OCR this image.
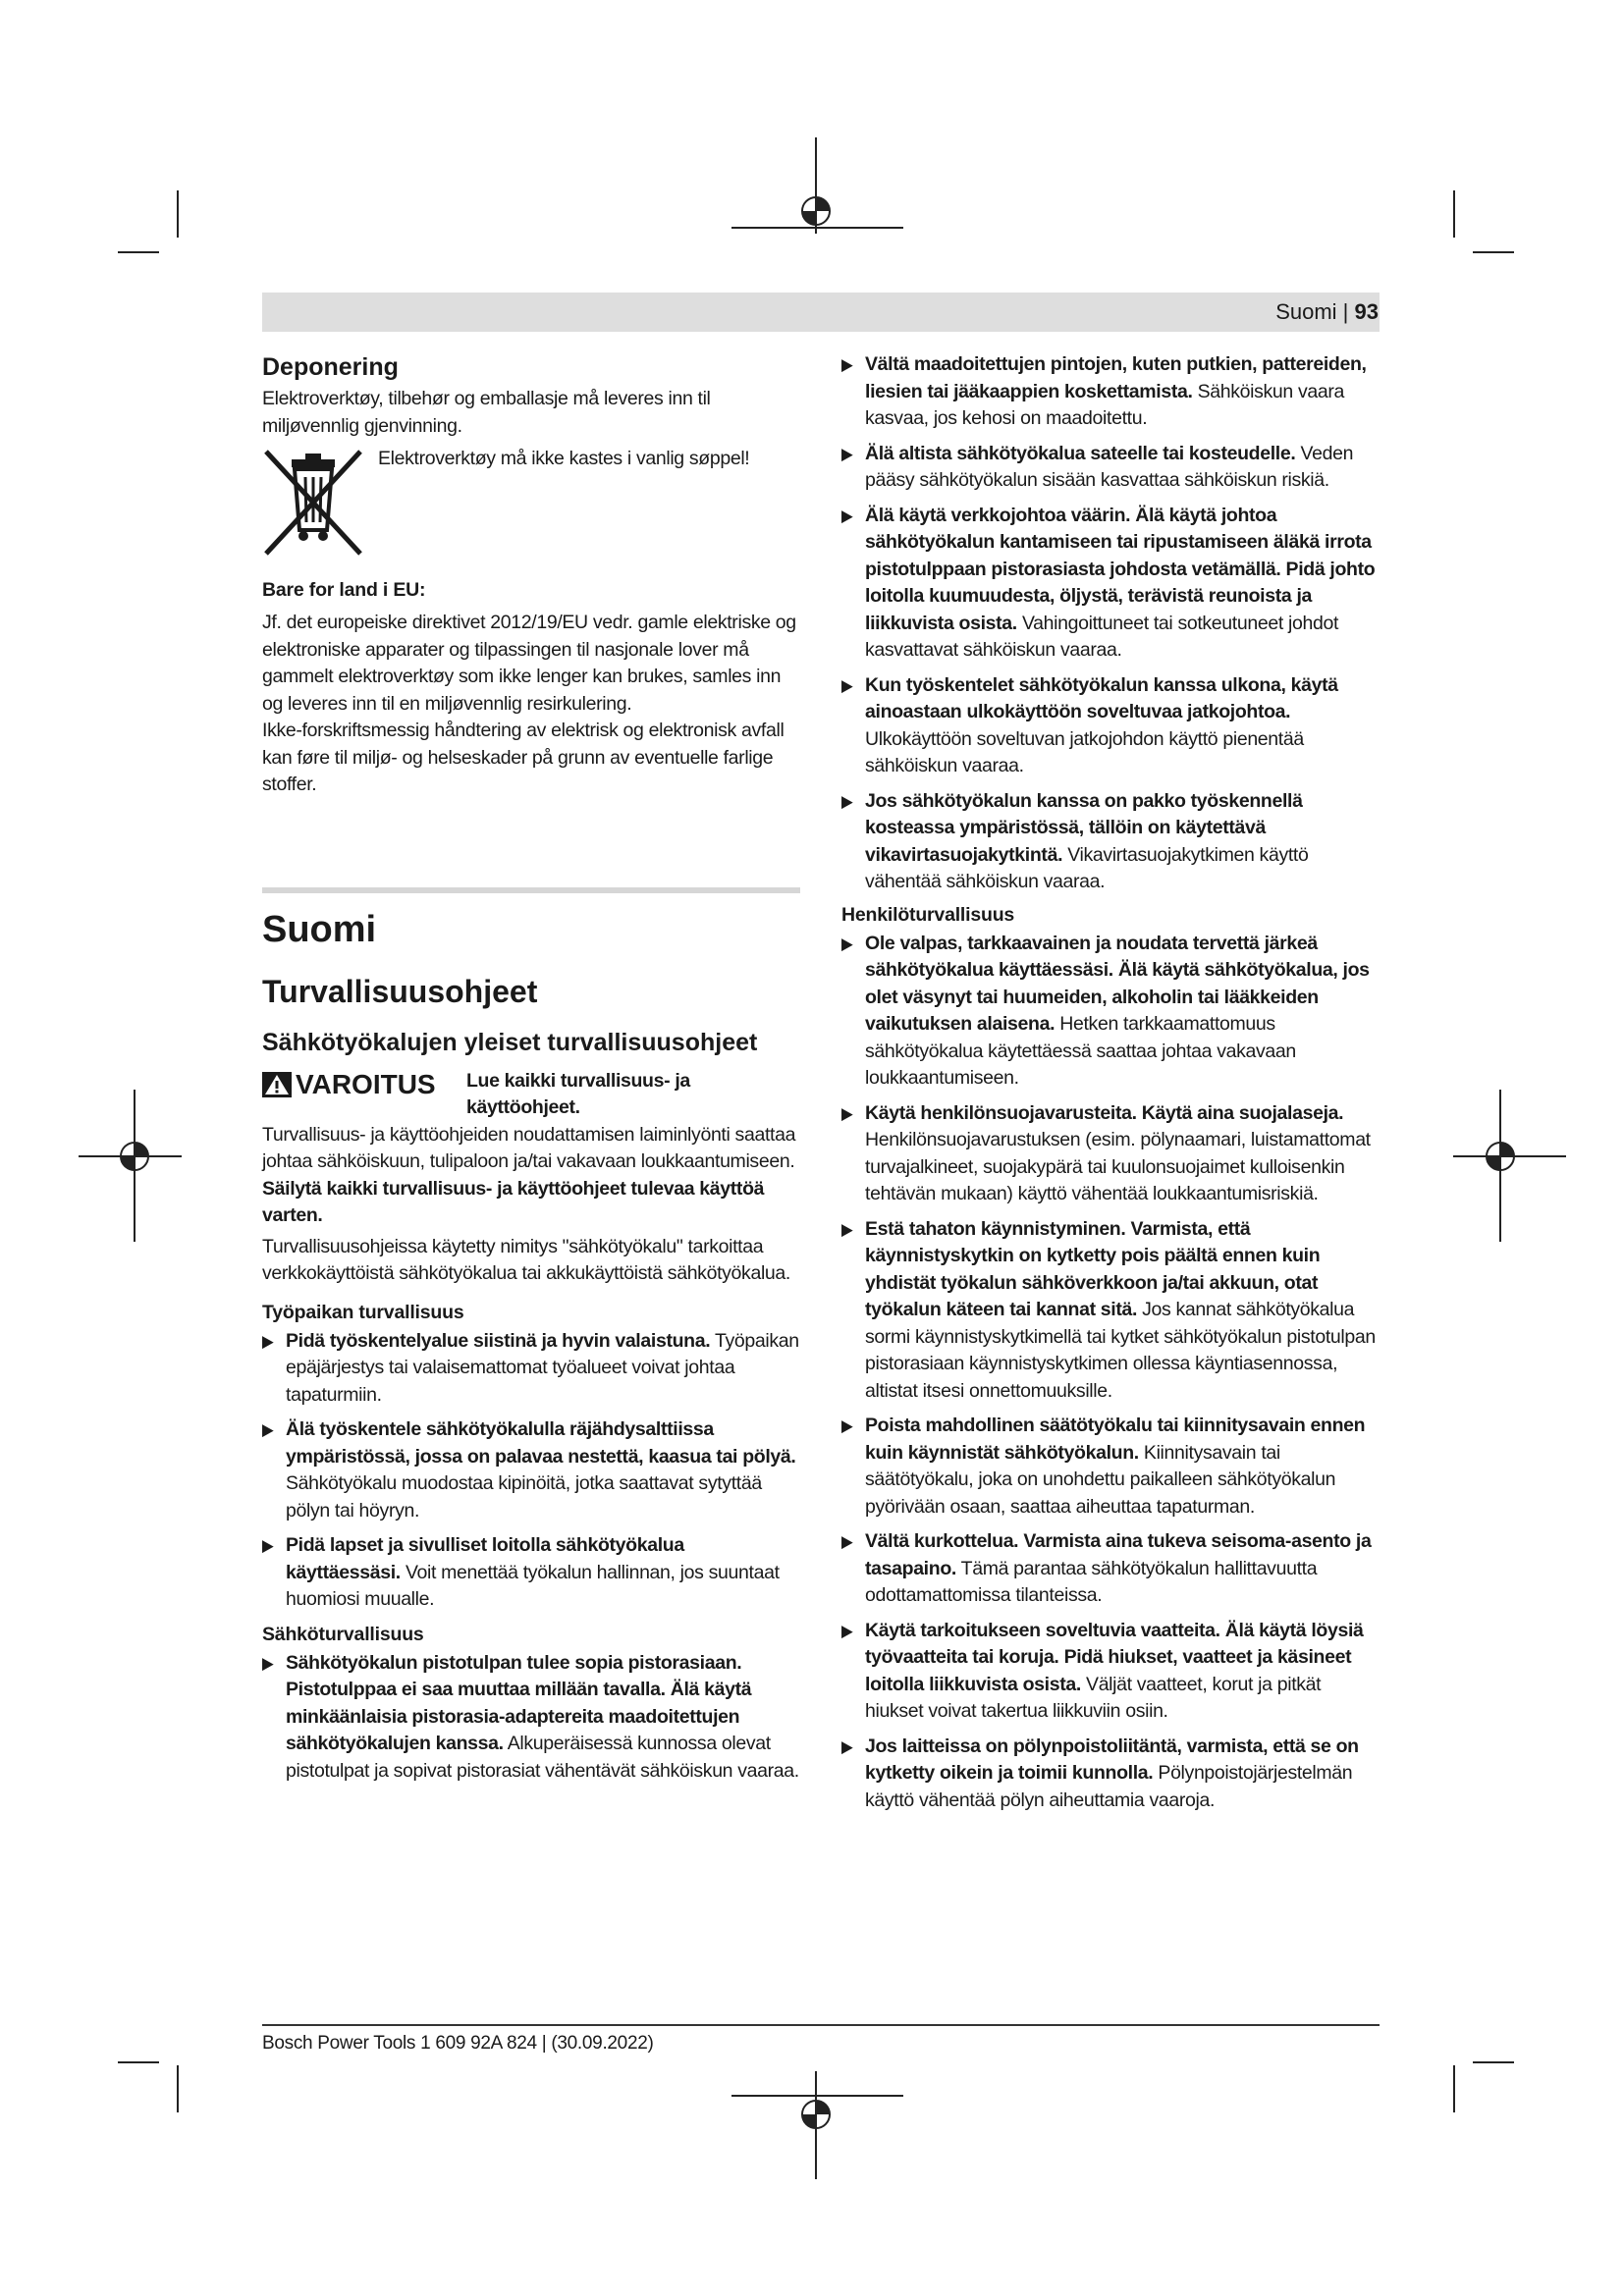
Suomi | 93

Deponering

Elektroverktøy, tilbehør og emballasje må leveres inn til miljøvennlig gjenvinning.

Elektroverktøy må ikke kastes i vanlig søppel!

Bare for land i EU:

Jf. det europeiske direktivet 2012/19/EU vedr. gamle elektriske og elektroniske apparater og tilpassingen til nasjonale lover må gammelt elektroverktøy som ikke lenger kan brukes, samles inn og leveres inn til en miljøvennlig resirkulering.

Ikke-forskriftsmessig håndtering av elektrisk og elektronisk avfall kan føre til miljø- og helseskader på grunn av eventuelle farlige stoffer.

Suomi

Turvallisuusohjeet

Sähkötyökalujen yleiset turvallisuusohjeet

VAROITUS	Lue kaikki turvallisuus- ja käyttöohjeet.

Turvallisuus- ja käyttöohjeiden noudattamisen laiminlyönti saattaa johtaa sähköiskuun, tulipaloon ja/tai vakavaan loukkaantumiseen.

Säilytä kaikki turvallisuus- ja käyttöohjeet tulevaa käyttöä varten.

Turvallisuusohjeissa käytetty nimitys "sähkötyökalu" tarkoittaa verkkokäyttöistä sähkötyökalua tai akkukäyttöistä sähkötyökalua.

Työpaikan turvallisuus

▶ Pidä työskentelyalue siistinä ja hyvin valaistuna. Työpaikan epäjärjestys tai valaisemattomat työalueet voivat johtaa tapaturmiin.
▶ Älä työskentele sähkötyökalulla räjähdysalttiissa ympäristössä, jossa on palavaa nestettä, kaasua tai pölyä. Sähkötyökalu muodostaa kipinöitä, jotka saattavat sytyttää pölyn tai höyryn.
▶ Pidä lapset ja sivulliset loitolla sähkötyökalua käyttäessäsi. Voit menettää työkalun hallinnan, jos suuntaat huomiosi muualle.

Sähköturvallisuus

▶ Sähkötyökalun pistotulpan tulee sopia pistorasiaan. Pistotulppaa ei saa muuttaa millään tavalla. Älä käytä minkäänlaisia pistorasia-adaptereita maadoitettujen sähkötyökalujen kanssa. Alkuperäisessä kunnossa olevat pistotulpat ja sopivat pistorasiat vähentävät sähköiskun vaaraa.
▶ Vältä maadoitettujen pintojen, kuten putkien, pattereiden, liesien tai jääkaappien koskettamista. Sähköiskun vaara kasvaa, jos kehosi on maadoitettu.
▶ Älä altista sähkötyökalua sateelle tai kosteudelle. Veden pääsy sähkötyökalun sisään kasvattaa sähköiskun riskiä.
▶ Älä käytä verkkojohtoa väärin. Älä käytä johtoa sähkötyökalun kantamiseen tai ripustamiseen äläkä irrota pistotulppaan pistorasiasta johdosta vetämällä. Pidä johto loitolla kuumuudesta, öljystä, terävistä reunoista ja liikkuvista osista. Vahingoittuneet tai sotkeutuneet johdot kasvattavat sähköiskun vaaraa.
▶ Kun työskentelet sähkötyökalun kanssa ulkona, käytä ainoastaan ulkokäyttöön soveltuvaa jatkojohtoa. Ulkokäyttöön soveltuvan jatkojohdon käyttö pienentää sähköiskun vaaraa.
▶ Jos sähkötyökalun kanssa on pakko työskennellä kosteassa ympäristössä, tällöin on käytettävä vikavirtasuojakytkintä. Vikavirtasuojakytkimen käyttö vähentää sähköiskun vaaraa.

Henkilöturvallisuus

▶ Ole valpas, tarkkaavainen ja noudata tervettä järkeä sähkötyökalua käyttäessäsi. Älä käytä sähkötyökalua, jos olet väsynyt tai huumeiden, alkoholin tai lääkkeiden vaikutuksen alaisena. Hetken tarkkaamattomuus sähkötyökalua käytettäessä saattaa johtaa vakavaan loukkaantumiseen.
▶ Käytä henkilönsuojavarusteita. Käytä aina suojalaseja. Henkilönsuojavarustuksen (esim. pölynaamari, luistamattomat turvajalkineet, suojakypärä tai kuulonsuojaimet kulloisenkin tehtävän mukaan) käyttö vähentää loukkaantumisriskiä.
▶ Estä tahaton käynnistyminen. Varmista, että käynnistyskytkin on kytketty pois päältä ennen kuin yhdistät työkalun sähköverkkoon ja/tai akkuun, otat työkalun käteen tai kannat sitä. Jos kannat sähkötyökalua sormi käynnistyskytkimellä tai kytket sähkötyökalun pistotulpan pistorasiaan käynnistyskytkimen ollessa käyntiasennossa, altistat itsesi onnettomuuksille.
▶ Poista mahdollinen säätötyökalu tai kiinnitysavain ennen kuin käynnistät sähkötyökalun. Kiinnitysavain tai säätötyökalu, joka on unohdettu paikalleen sähkötyökalun pyörivään osaan, saattaa aiheuttaa tapaturman.
▶ Vältä kurkottelua. Varmista aina tukeva seisoma-asento ja tasapaino. Tämä parantaa sähkötyökalun hallittavuutta odottamattomissa tilanteissa.
▶ Käytä tarkoitukseen soveltuvia vaatteita. Älä käytä löysiä työvaatteita tai koruja. Pidä hiukset, vaatteet ja käsineet loitolla liikkuvista osista. Väljät vaatteet, korut ja pitkät hiukset voivat takertua liikkuviin osiin.
▶ Jos laitteissa on pölynpoistoliitäntä, varmista, että se on kytketty oikein ja toimii kunnolla. Pölynpoistojärjestelmän käyttö vähentää pölyn aiheuttamia vaaroja.
Bosch Power Tools 1 609 92A 824 | (30.09.2022)
